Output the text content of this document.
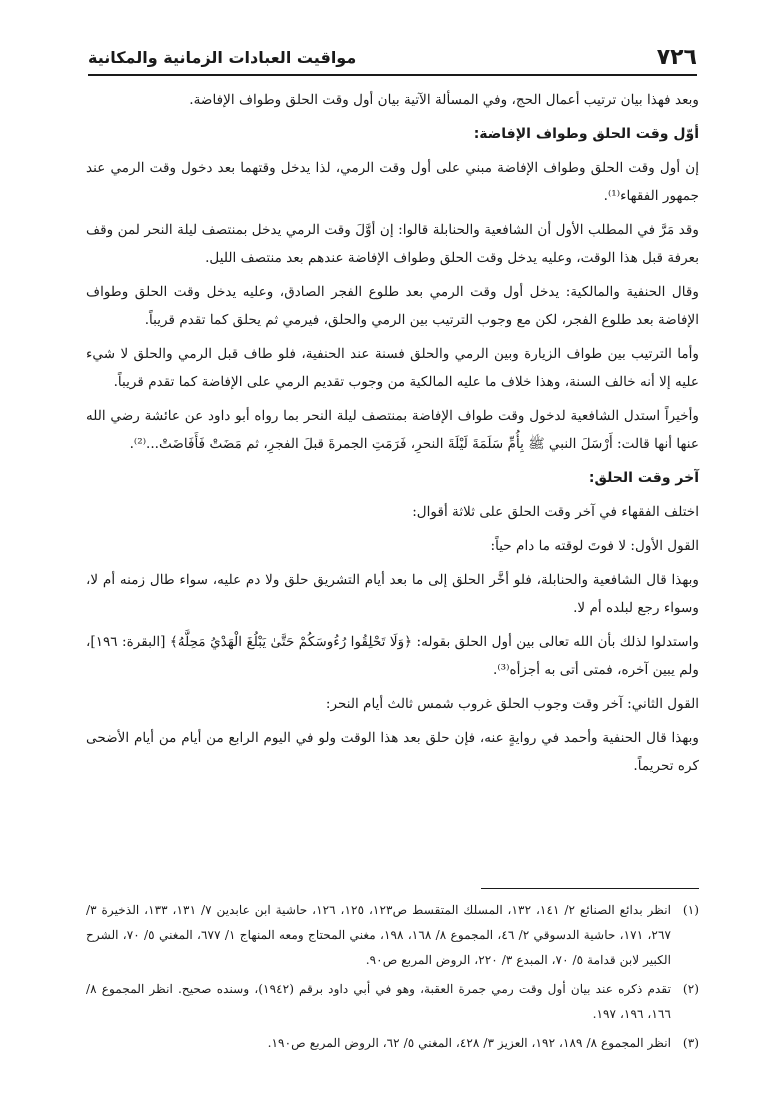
٧٢٦
مواقيت العبادات الزمانية والمكانية

وبعد فهذا بيان ترتيب أعمال الحج، وفي المسألة الآتية بيان أول وقت الحلق وطواف الإفاضة.

أوّل وقت الحلق وطواف الإفاضة:

إن أول وقت الحلق وطواف الإفاضة مبني على أول وقت الرمي، لذا يدخل وقتهما بعد دخول وقت الرمي عند جمهور الفقهاء⁽¹⁾.

وقد مَرَّ في المطلب الأول أن الشافعية والحنابلة قالوا: إن أوَّلَ وقت الرمي يدخل بمنتصف ليلة النحر لمن وقف بعرفة قبل هذا الوقت، وعليه يدخل وقت الحلق وطواف الإفاضة عندهم بعد منتصف الليل.

وقال الحنفية والمالكية: يدخل أول وقت الرمي بعد طلوع الفجر الصادق، وعليه يدخل وقت الحلق وطواف الإفاضة بعد طلوع الفجر، لكن مع وجوب الترتيب بين الرمي والحلق، فيرمي ثم يحلق كما تقدم قريباً.

وأما الترتيب بين طواف الزيارة وبين الرمي والحلق فسنة عند الحنفية، فلو طاف قبل الرمي والحلق لا شيء عليه إلا أنه خالف السنة، وهذا خلاف ما عليه المالكية من وجوب تقديم الرمي على الإفاضة كما تقدم قريباً.

وأخيراً استدل الشافعية لدخول وقت طواف الإفاضة بمنتصف ليلة النحر بما رواه أبو داود عن عائشة رضي الله عنها أنها قالت: أَرْسَلَ النبي ﷺ بِأُمِّ سَلَمَةَ لَيْلَةَ النحرِ، فَرَمَتِ الجمرةَ قبلَ الفجرِ، ثم مَضَتْ فَأَفَاضَتْ...⁽²⁾.

آخر وقت الحلق:

اختلف الفقهاء في آخر وقت الحلق على ثلاثة أقوال:

القول الأول: لا فوتَ لوقته ما دام حياً:

وبهذا قال الشافعية والحنابلة، فلو أخَّر الحلق إلى ما بعد أيام التشريق حلق ولا دم عليه، سواء طال زمنه أم لا، وسواء رجع لبلده أم لا.

واستدلوا لذلك بأن الله تعالى بين أول الحلق بقوله: ﴿وَلَا تَحْلِقُوا رُءُوسَكُمْ حَتَّىٰ يَبْلُغَ الْهَدْيُ مَحِلَّهُ﴾ [البقرة: ١٩٦]، ولم يبين آخره، فمتى أتى به أجزأه⁽³⁾.

القول الثاني: آخر وقت وجوب الحلق غروب شمس ثالث أيام النحر:

وبهذا قال الحنفية وأحمد في روايةٍ عنه، فإن حلق بعد هذا الوقت ولو في اليوم الرابع من أيام من أيام الأضحى كره تحريماً.

(١)
انظر بدائع الصنائع ٢/ ١٤١، ١٣٢، المسلك المتقسط ص١٢٣، ١٢٥، ١٢٦، حاشية ابن عابدين ٧/ ١٣١، ١٣٣، الذخيرة ٣/ ٢٦٧، ١٧١، حاشية الدسوقي ٢/ ٤٦، المجموع ٨/ ١٦٨، ١٩٨، مغني المحتاج ومعه المنهاج ١/ ٦٧٧، المغني ٥/ ٧٠، الشرح الكبير لابن قدامة ٥/ ٧٠، المبدع ٣/ ٢٢٠، الروض المربع ص٩٠.
(٢)
تقدم ذكره عند بيان أول وقت رمي جمرة العقبة، وهو في أبي داود برقم (١٩٤٢)، وسنده صحيح. انظر المجموع ٨/ ١٦٦، ١٩٦، ١٩٧.
(٣)
انظر المجموع ٨/ ١٨٩، ١٩٢، العزيز ٣/ ٤٢٨، المغني ٥/ ٦٢، الروض المربع ص١٩٠.
